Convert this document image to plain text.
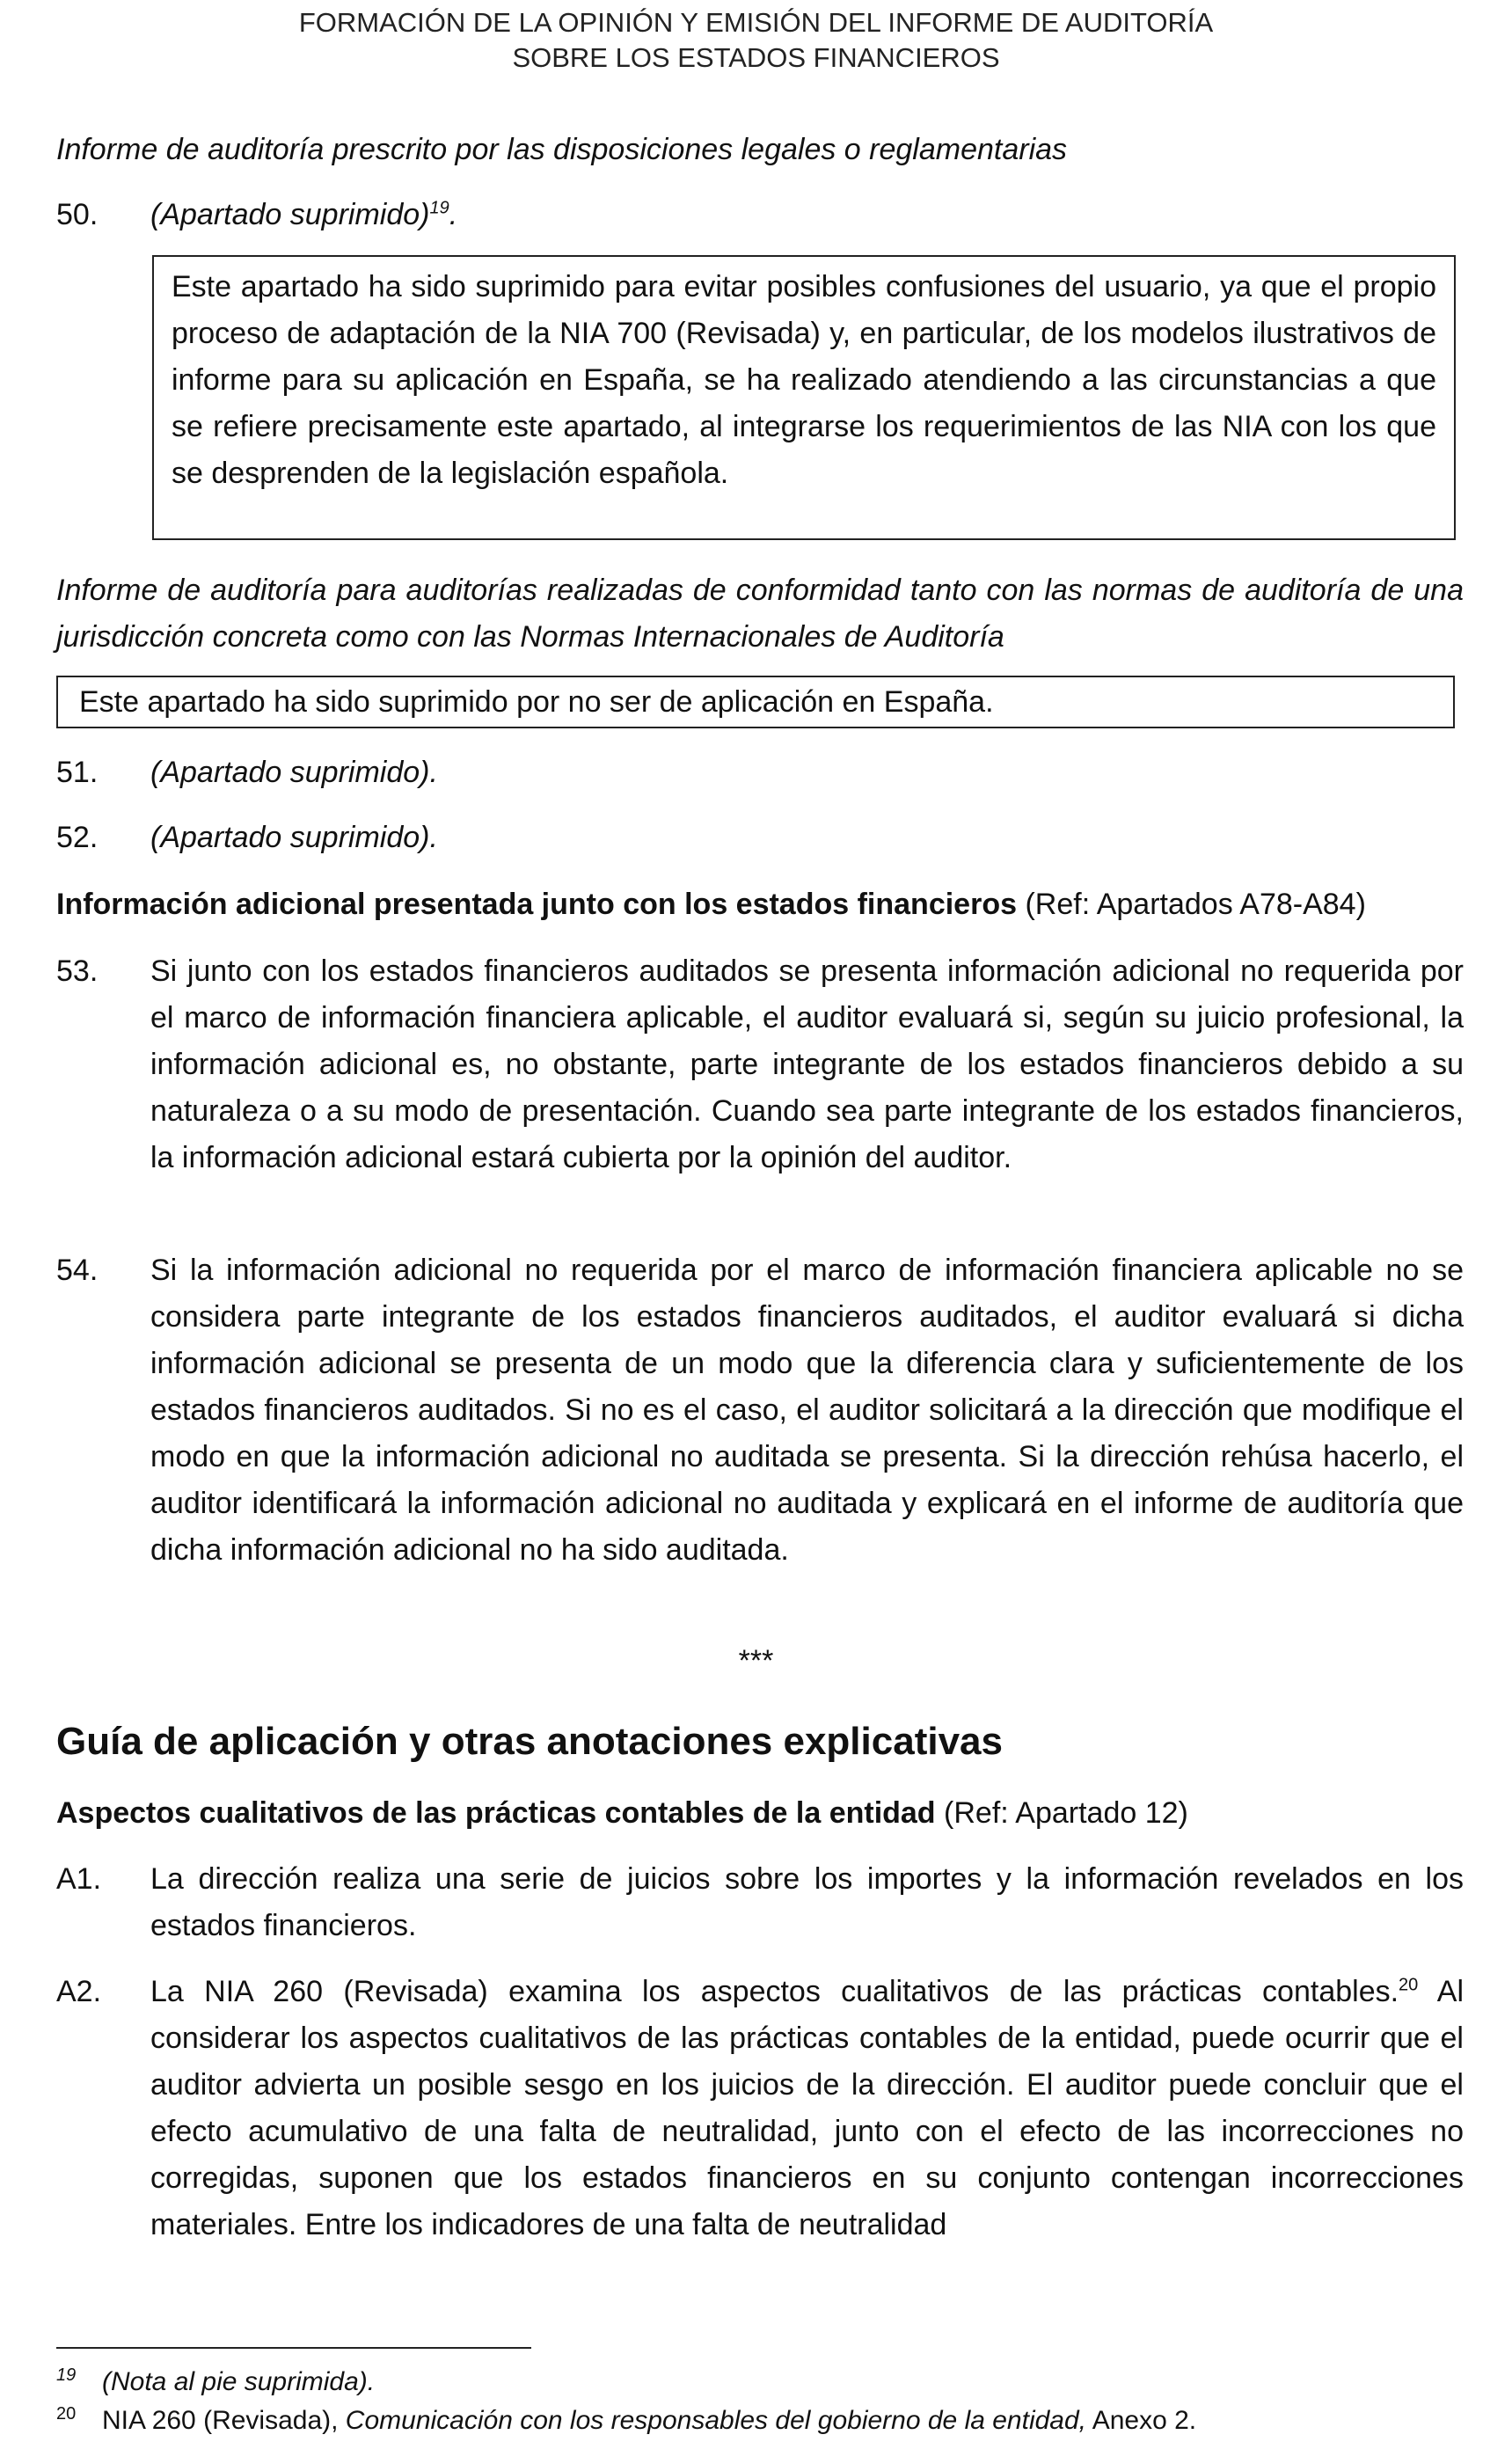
FORMACIÓN DE LA OPINIÓN Y EMISIÓN DEL INFORME DE AUDITORÍA
SOBRE LOS ESTADOS FINANCIEROS
Informe de auditoría prescrito por las disposiciones legales o reglamentarias
50.	(Apartado suprimido)$^{19}$.
Este apartado ha sido suprimido para evitar posibles confusiones del usuario, ya que el propio proceso de adaptación de la NIA 700 (Revisada) y, en particular, de los modelos ilustrativos de informe para su aplicación en España, se ha realizado atendiendo a las circunstancias a que se refiere precisamente este apartado, al integrarse los requerimientos de las NIA con los que se desprenden de la legislación española.
Informe de auditoría para auditorías realizadas de conformidad tanto con las normas de auditoría de una jurisdicción concreta como con las Normas Internacionales de Auditoría
Este apartado ha sido suprimido por no ser de aplicación en España.
51.	(Apartado suprimido).
52.	(Apartado suprimido).
Información adicional presentada junto con los estados financieros (Ref: Apartados A78-A84)
53.	Si junto con los estados financieros auditados se presenta información adicional no requerida por el marco de información financiera aplicable, el auditor evaluará si, según su juicio profesional, la información adicional es, no obstante, parte integrante de los estados financieros debido a su naturaleza o a su modo de presentación. Cuando sea parte integrante de los estados financieros, la información adicional estará cubierta por la opinión del auditor.
54.	Si la información adicional no requerida por el marco de información financiera aplicable no se considera parte integrante de los estados financieros auditados, el auditor evaluará si dicha información adicional se presenta de un modo que la diferencia clara y suficientemente de los estados financieros auditados. Si no es el caso, el auditor solicitará a la dirección que modifique el modo en que la información adicional no auditada se presenta. Si la dirección rehúsa hacerlo, el auditor identificará la información adicional no auditada y explicará en el informe de auditoría que dicha información adicional no ha sido auditada.
***
Guía de aplicación y otras anotaciones explicativas
Aspectos cualitativos de las prácticas contables de la entidad (Ref: Apartado 12)
A1.	La dirección realiza una serie de juicios sobre los importes y la información revelados en los estados financieros.
A2.	La NIA 260 (Revisada) examina los aspectos cualitativos de las prácticas contables.$^{20}$ Al considerar los aspectos cualitativos de las prácticas contables de la entidad, puede ocurrir que el auditor advierta un posible sesgo en los juicios de la dirección. El auditor puede concluir que el efecto acumulativo de una falta de neutralidad, junto con el efecto de las incorrecciones no corregidas, suponen que los estados financieros en su conjunto contengan incorrecciones materiales. Entre los indicadores de una falta de neutralidad
19 (Nota al pie suprimida).
20 NIA 260 (Revisada), Comunicación con los responsables del gobierno de la entidad, Anexo 2.
